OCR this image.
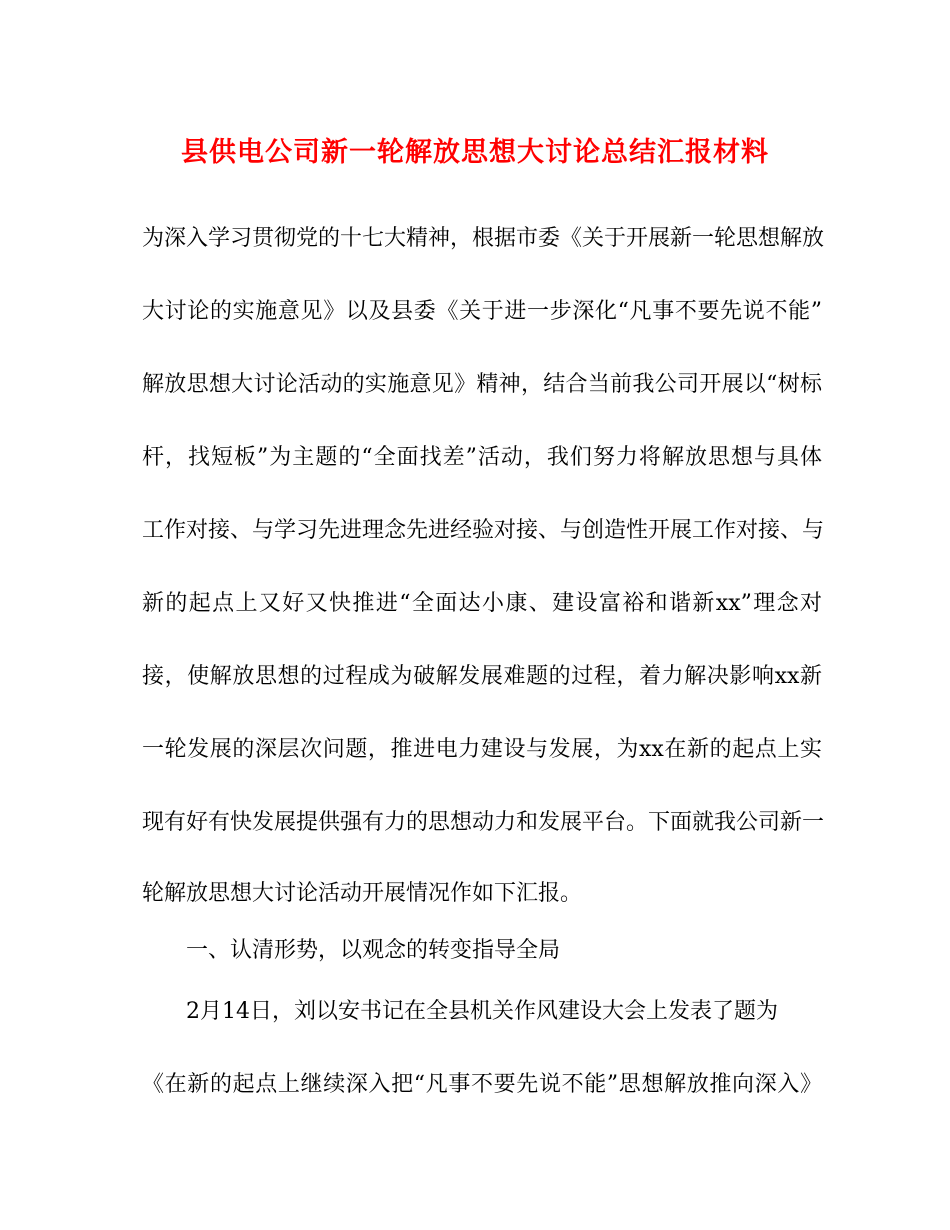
县供电公司新一轮解放思想大讨论总结汇报材料
为深入学习贯彻党的十七大精神，根据市委《关于开展新一轮思想解放
大讨论的实施意见》以及县委《关于进一步深化“凡事不要先说不能”
解放思想大讨论活动的实施意见》精神，结合当前我公司开展以“树标
杆，找短板”为主题的“全面找差”活动，我们努力将解放思想与具体
工作对接、与学习先进理念先进经验对接、与创造性开展工作对接、与
新的起点上又好又快推进“全面达小康、建设富裕和谐新xx”理念对
接，使解放思想的过程成为破解发展难题的过程，着力解决影响xx新
一轮发展的深层次问题，推进电力建设与发展，为xx在新的起点上实
现有好有快发展提供强有力的思想动力和发展平台。下面就我公司新一
轮解放思想大讨论活动开展情况作如下汇报。
一、认清形势，以观念的转变指导全局
2月14日，刘以安书记在全县机关作风建设大会上发表了题为
《在新的起点上继续深入把“凡事不要先说不能”思想解放推向深入》
